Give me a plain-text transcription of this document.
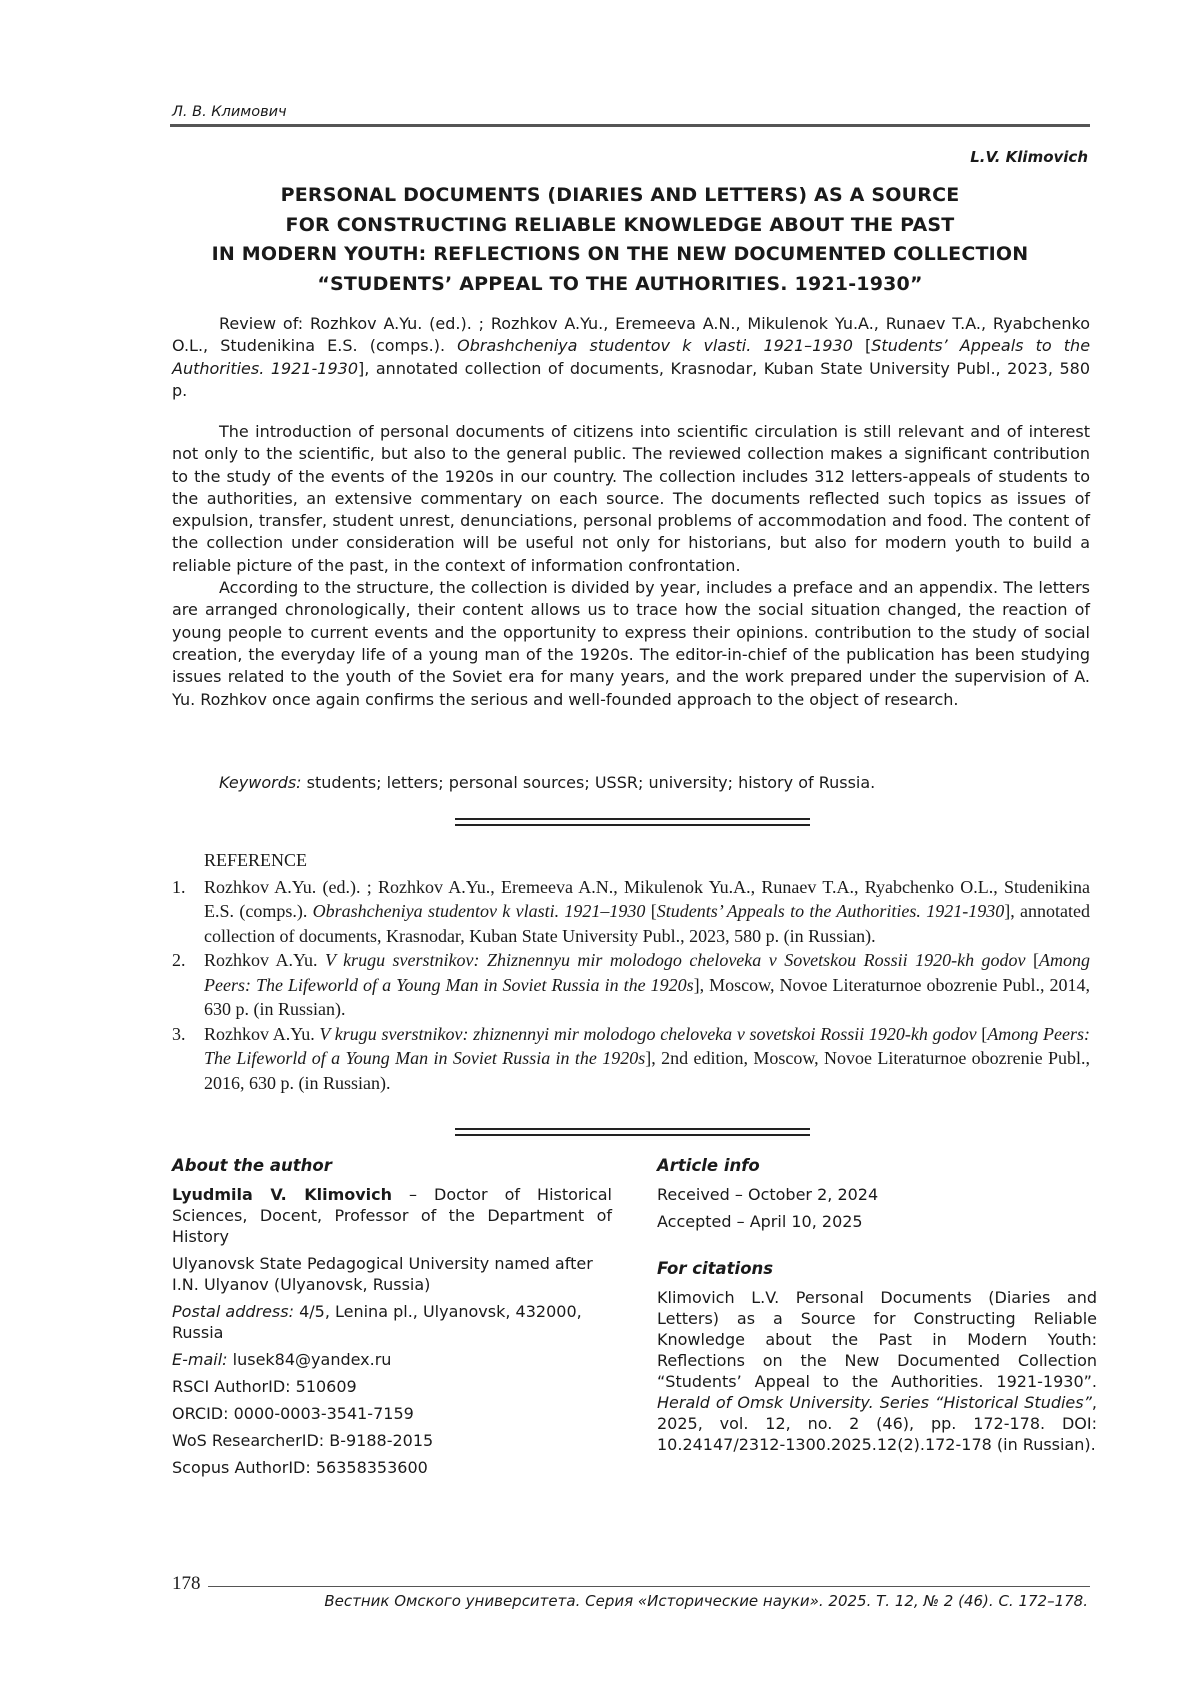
Л. В. Климович
L.V. Klimovich
PERSONAL DOCUMENTS (DIARIES AND LETTERS) AS A SOURCE
FOR CONSTRUCTING RELIABLE KNOWLEDGE ABOUT THE PAST
IN MODERN YOUTH: REFLECTIONS ON THE NEW DOCUMENTED COLLECTION
“STUDENTS’ APPEAL TO THE AUTHORITIES. 1921-1930”

Review of: Rozhkov A.Yu. (ed.). ; Rozhkov A.Yu., Eremeeva A.N., Mikulenok Yu.A., Runaev T.A., Ryabchenko O.L., Studenikina E.S. (comps.). Obrashcheniya studentov k vlasti. 1921–1930 [Students’ Appeals to the Authorities. 1921-1930], annotated collection of documents, Krasnodar, Kuban State University Publ., 2023, 580 p.

The introduction of personal documents of citizens into scientific circulation is still relevant and of interest not only to the scientific, but also to the general public. The reviewed collection makes a significant contribution to the study of the events of the 1920s in our country. The collection includes 312 letters-appeals of students to the authorities, an extensive commentary on each source. The documents reflected such topics as issues of expulsion, transfer, student unrest, denunciations, personal problems of accommodation and food. The content of the collection under consideration will be useful not only for historians, but also for modern youth to build a reliable picture of the past, in the context of information confrontation.

According to the structure, the collection is divided by year, includes a preface and an appendix. The letters are arranged chronologically, their content allows us to trace how the social situation changed, the reaction of young people to current events and the opportunity to express their opinions. contribution to the study of social creation, the everyday life of a young man of the 1920s. The editor-in-chief of the publication has been studying issues related to the youth of the Soviet era for many years, and the work prepared under the supervision of A. Yu. Rozhkov once again confirms the serious and well-founded approach to the object of research.

Keywords: students; letters; personal sources; USSR; university; history of Russia.

REFERENCE
1.	Rozhkov A.Yu. (ed.). ; Rozhkov A.Yu., Eremeeva A.N., Mikulenok Yu.A., Runaev T.A., Ryabchenko O.L., Studenikina E.S. (comps.). Obrashcheniya studentov k vlasti. 1921–1930 [Students’ Appeals to the Authorities. 1921-1930], annotated collection of documents, Krasnodar, Kuban State University Publ., 2023, 580 p. (in Russian).
2.	Rozhkov A.Yu. V krugu sverstnikov: Zhiznennyu mir molodogo cheloveka v Sovetskou Rossii 1920-kh godov [Among Peers: The Lifeworld of a Young Man in Soviet Russia in the 1920s], Moscow, Novoe Literaturnoe obozrenie Publ., 2014, 630 p. (in Russian).
3.	Rozhkov A.Yu. V krugu sverstnikov: zhiznennyi mir molodogo cheloveka v sovetskoi Rossii 1920-kh godov [Among Peers: The Lifeworld of a Young Man in Soviet Russia in the 1920s], 2nd edition, Moscow, Novoe Literaturnoe obozrenie Publ., 2016, 630 p. (in Russian).
About the author
Lyudmila V. Klimovich – Doctor of Historical Sciences, Docent, Professor of the Department of History
Ulyanovsk State Pedagogical University named after I.N. Ulyanov (Ulyanovsk, Russia)
Postal address: 4/5, Lenina pl., Ulyanovsk, 432000, Russia
E-mail: lusek84@yandex.ru
RSCI AuthorID: 510609
ORCID: 0000-0003-3541-7159
WoS ResearcherID: B-9188-2015
Scopus AuthorID: 56358353600
Article info
Received – October 2, 2024
Accepted – April 10, 2025
For citations
Klimovich L.V. Personal Documents (Diaries and Letters) as a Source for Constructing Reliable Knowledge about the Past in Modern Youth: Reflections on the New Documented Collection “Students’ Appeal to the Authorities. 1921-1930”. Herald of Omsk University. Series “Historical Studies”, 2025, vol. 12, no. 2 (46), pp. 172-178. DOI: 10.24147/2312-1300.2025.12(2).172-178 (in Russian).
178
Вестник Омского университета. Серия «Исторические науки». 2025. Т. 12, № 2 (46). С. 172–178.
